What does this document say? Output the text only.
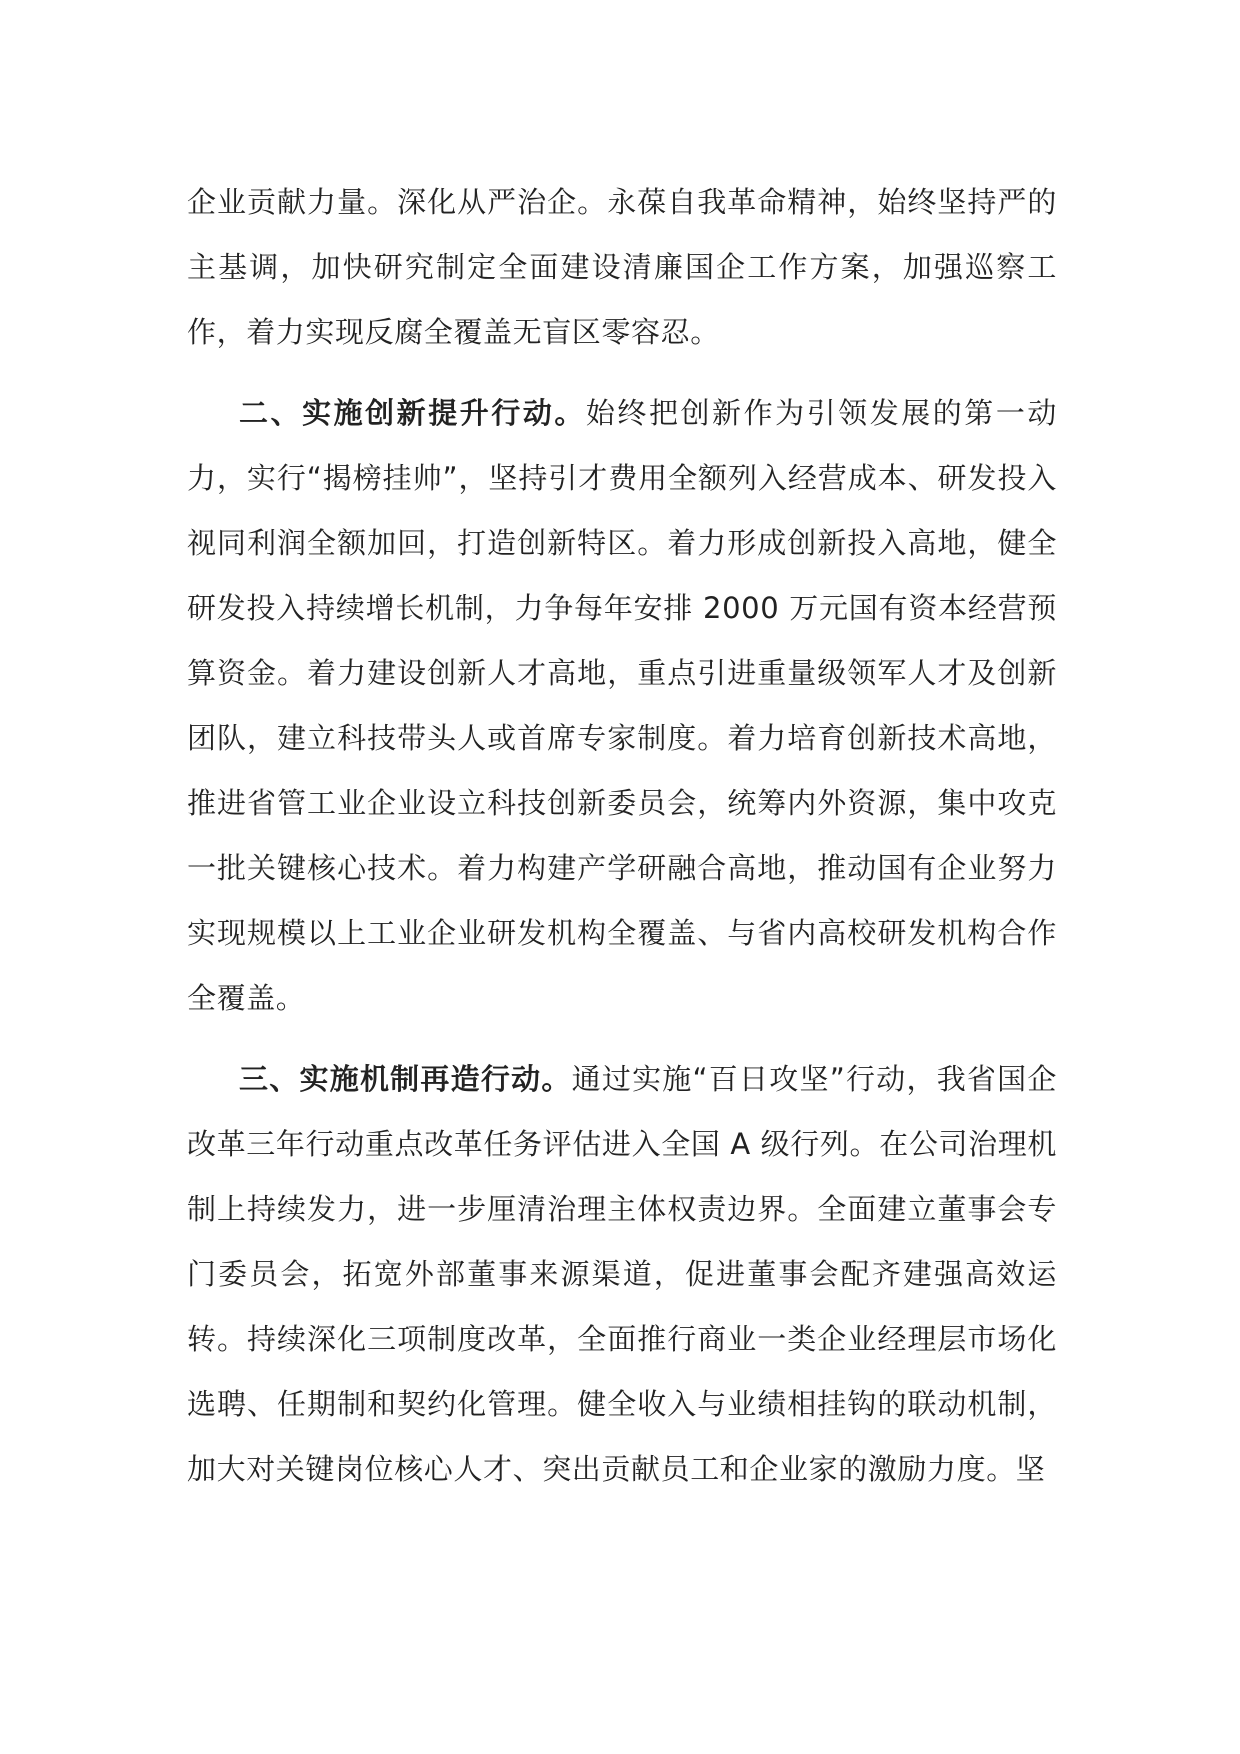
企业贡献力量。深化从严治企。永葆自我革命精神，始终坚持严的主基调，加快研究制定全面建设清廉国企工作方案，加强巡察工作，着力实现反腐全覆盖无盲区零容忍。

二、实施创新提升行动。始终把创新作为引领发展的第一动力，实行“揭榜挂帅”，坚持引才费用全额列入经营成本、研发投入视同利润全额加回，打造创新特区。着力形成创新投入高地，健全研发投入持续增长机制，力争每年安排 2000 万元国有资本经营预算资金。着力建设创新人才高地，重点引进重量级领军人才及创新团队，建立科技带头人或首席专家制度。着力培育创新技术高地，推进省管工业企业设立科技创新委员会，统筹内外资源，集中攻克一批关键核心技术。着力构建产学研融合高地，推动国有企业努力实现规模以上工业企业研发机构全覆盖、与省内高校研发机构合作全覆盖。

三、实施机制再造行动。通过实施“百日攻坚”行动，我省国企改革三年行动重点改革任务评估进入全国 A 级行列。在公司治理机制上持续发力，进一步厘清治理主体权责边界。全面建立董事会专门委员会，拓宽外部董事来源渠道，促进董事会配齐建强高效运转。持续深化三项制度改革，全面推行商业一类企业经理层市场化选聘、任期制和契约化管理。健全收入与业绩相挂钩的联动机制，加大对关键岗位核心人才、突出贡献员工和企业家的激励力度。坚
